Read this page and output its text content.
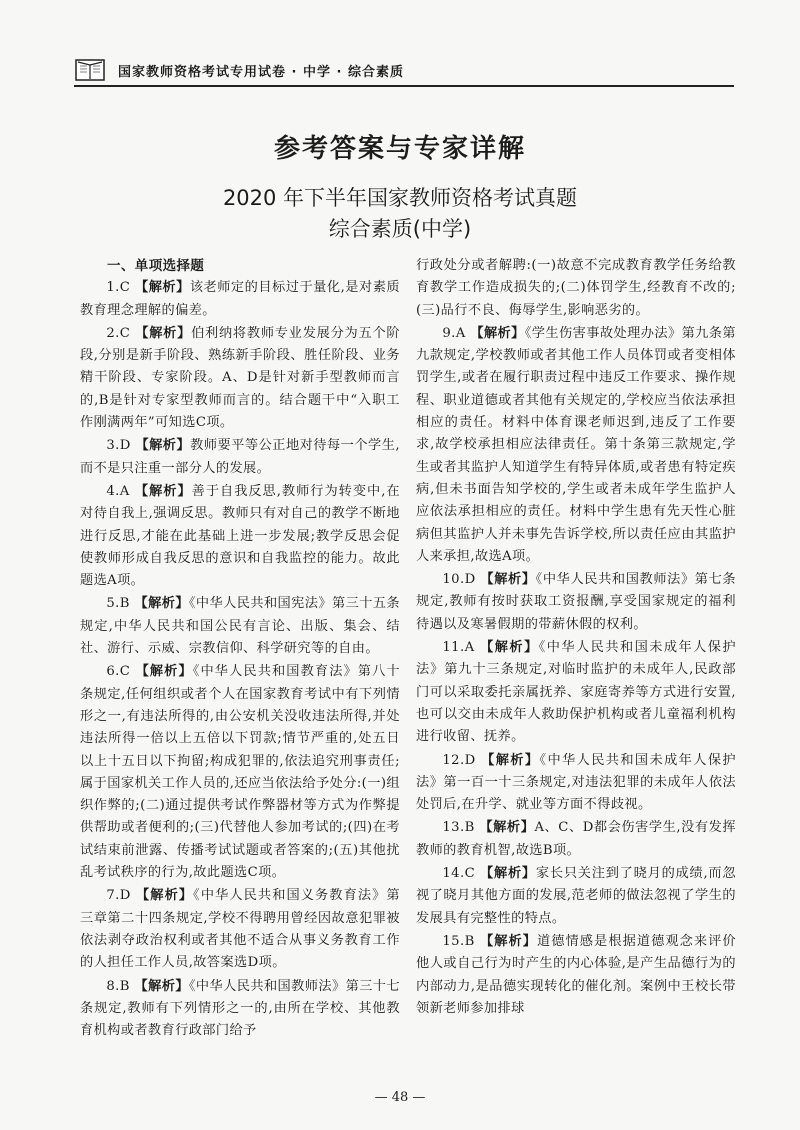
国家教师资格考试专用试卷 · 中学 · 综合素质
参考答案与专家详解
2020 年下半年国家教师资格考试真题
综合素质(中学)
一、单项选择题

1.C 【解析】该老师定的目标过于量化,是对素质教育理念理解的偏差。

2.C 【解析】伯利纳将教师专业发展分为五个阶段,分别是新手阶段、熟练新手阶段、胜任阶段、业务精干阶段、专家阶段。A、D是针对新手型教师而言的,B是针对专家型教师而言的。结合题干中“入职工作刚满两年”可知选C项。

3.D 【解析】教师要平等公正地对待每一个学生,而不是只注重一部分人的发展。

4.A 【解析】善于自我反思,教师行为转变中,在对待自我上,强调反思。教师只有对自己的教学不断地进行反思,才能在此基础上进一步发展;教学反思会促使教师形成自我反思的意识和自我监控的能力。故此题选A项。

5.B 【解析】《中华人民共和国宪法》第三十五条规定,中华人民共和国公民有言论、出版、集会、结社、游行、示威、宗教信仰、科学研究等的自由。

6.C 【解析】《中华人民共和国教育法》第八十条规定,任何组织或者个人在国家教育考试中有下列情形之一,有违法所得的,由公安机关没收违法所得,并处违法所得一倍以上五倍以下罚款;情节严重的,处五日以上十五日以下拘留;构成犯罪的,依法追究刑事责任;属于国家机关工作人员的,还应当依法给予处分:(一)组织作弊的;(二)通过提供考试作弊器材等方式为作弊提供帮助或者便利的;(三)代替他人参加考试的;(四)在考试结束前泄露、传播考试试题或者答案的;(五)其他扰乱考试秩序的行为,故此题选C项。

7.D 【解析】《中华人民共和国义务教育法》第三章第二十四条规定,学校不得聘用曾经因故意犯罪被依法剥夺政治权利或者其他不适合从事义务教育工作的人担任工作人员,故答案选D项。

8.B 【解析】《中华人民共和国教师法》第三十七条规定,教师有下列情形之一的,由所在学校、其他教育机构或者教育行政部门给予

行政处分或者解聘:(一)故意不完成教育教学任务给教育教学工作造成损失的;(二)体罚学生,经教育不改的;(三)品行不良、侮辱学生,影响恶劣的。

9.A 【解析】《学生伤害事故处理办法》第九条第九款规定,学校教师或者其他工作人员体罚或者变相体罚学生,或者在履行职责过程中违反工作要求、操作规程、职业道德或者其他有关规定的,学校应当依法承担相应的责任。材料中体育课老师迟到,违反了工作要求,故学校承担相应法律责任。第十条第三款规定,学生或者其监护人知道学生有特异体质,或者患有特定疾病,但未书面告知学校的,学生或者未成年学生监护人应依法承担相应的责任。材料中学生患有先天性心脏病但其监护人并未事先告诉学校,所以责任应由其监护人来承担,故选A项。

10.D 【解析】《中华人民共和国教师法》第七条规定,教师有按时获取工资报酬,享受国家规定的福利待遇以及寒暑假期的带薪休假的权利。

11.A 【解析】《中华人民共和国未成年人保护法》第九十三条规定,对临时监护的未成年人,民政部门可以采取委托亲属抚养、家庭寄养等方式进行安置,也可以交由未成年人救助保护机构或者儿童福利机构进行收留、抚养。

12.D 【解析】《中华人民共和国未成年人保护法》第一百一十三条规定,对违法犯罪的未成年人依法处罚后,在升学、就业等方面不得歧视。

13.B 【解析】A、C、D都会伤害学生,没有发挥教师的教育机智,故选B项。

14.C 【解析】家长只关注到了晓月的成绩,而忽视了晓月其他方面的发展,范老师的做法忽视了学生的发展具有完整性的特点。

15.B 【解析】道德情感是根据道德观念来评价他人或自己行为时产生的内心体验,是产生品德行为的内部动力,是品德实现转化的催化剂。案例中王校长带领新老师参加排球

— 48 —
